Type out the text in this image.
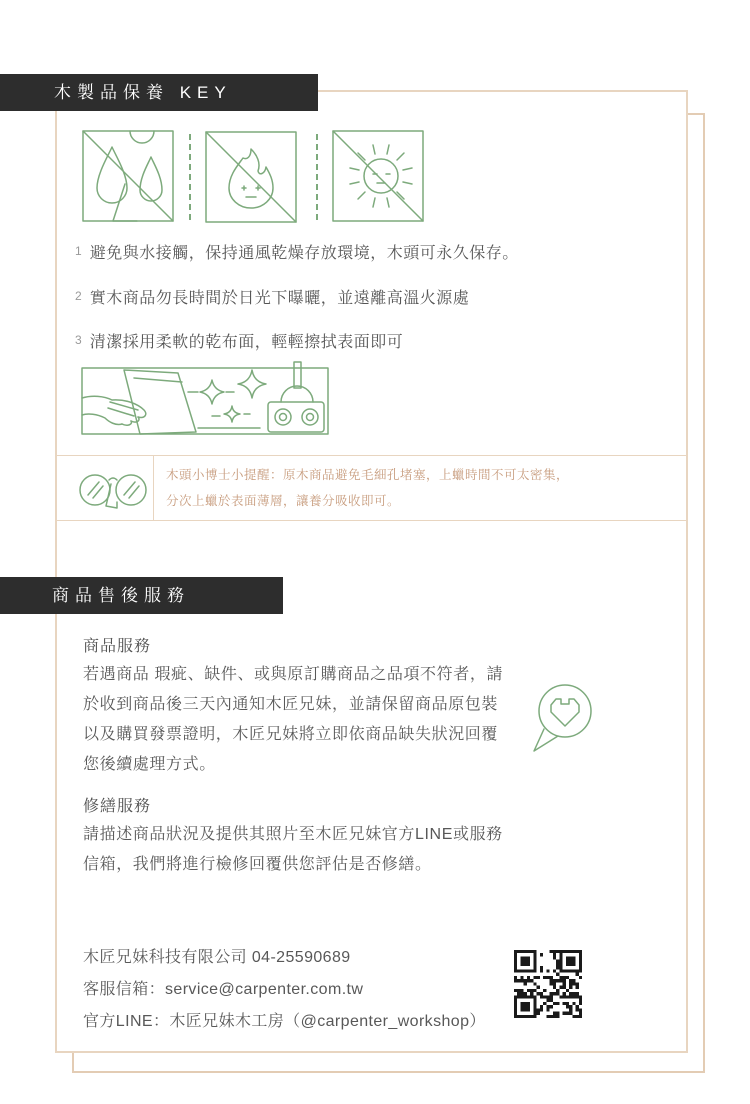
木製品保養 KEY
1 避免與水接觸，保持通風乾燥存放環境，木頭可永久保存。
2 實木商品勿長時間於日光下曝曬，並遠離高溫火源處
3 清潔採用柔軟的乾布面，輕輕擦拭表面即可
木頭小博士小提醒：原木商品避免毛細孔堵塞，上蠟時間不可太密集，
分次上蠟於表面薄層，讓養分吸收即可。
商品售後服務
商品服務
若遇商品 瑕疵、缺件、或與原訂購商品之品項不符者，請
於收到商品後三天內通知木匠兄妹，並請保留商品原包裝
以及購買發票證明，木匠兄妹將立即依商品缺失狀況回覆
您後續處理方式。
修繕服務
請描述商品狀況及提供其照片至木匠兄妹官方LINE或服務
信箱，我們將進行檢修回覆供您評估是否修繕。
木匠兄妹科技有限公司 04-25590689
客服信箱：service@carpenter.com.tw
官方LINE：木匠兄妹木工房（@carpenter_workshop）
